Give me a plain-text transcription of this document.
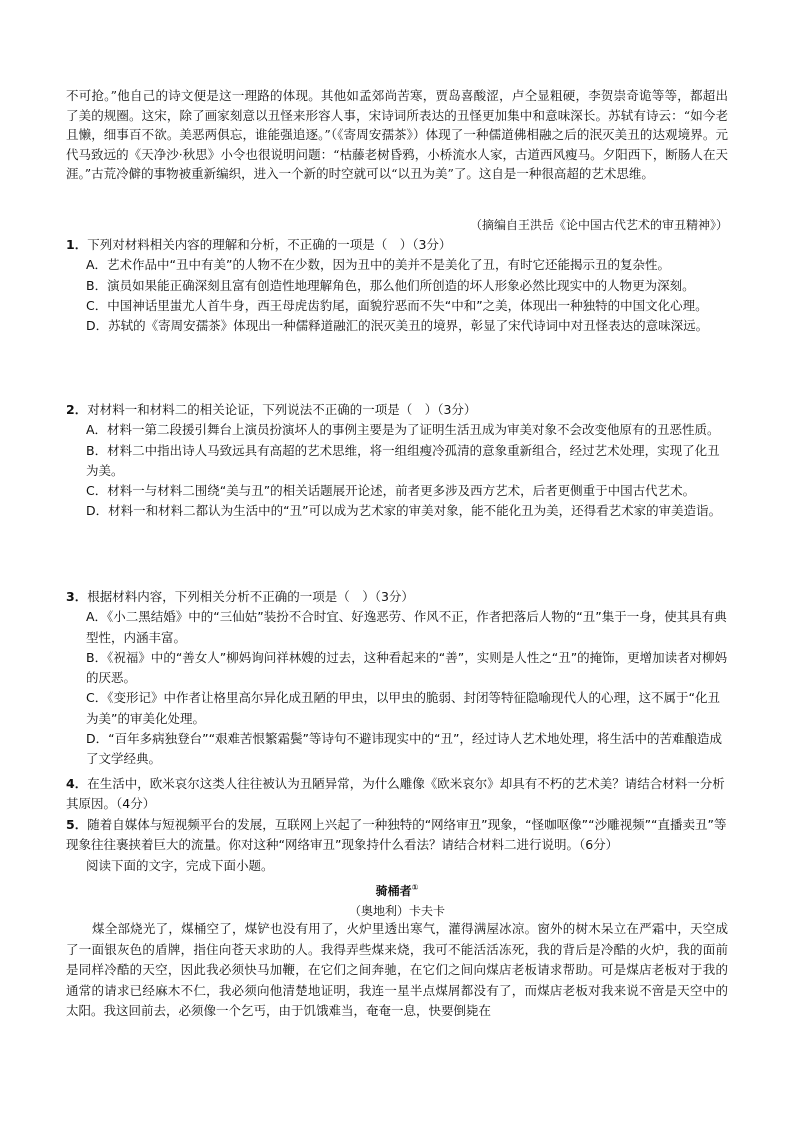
不可抢。”他自己的诗文便是这一理路的体现。其他如孟郊尚苦寒，贾岛喜酸涩，卢仝显粗硬，李贺崇奇诡等等，都超出了美的规圈。这宋，除了画家刻意以丑怪来形容人事，宋诗词所表达的丑怪更加集中和意味深长。苏轼有诗云：“如今老且懒，细事百不欲。美恶两俱忘，谁能强追逐。”（《寄周安孺茶》）体现了一种儒道佛相融之后的泯灭美丑的达观境界。元代马致远的《天净沙·秋思》小令也很说明问题：“枯藤老树昏鸦，小桥流水人家，古道西风瘦马。夕阳西下，断肠人在天涯。”古荒冷僻的事物被重新编织，进入一个新的时空就可以“以丑为美”了。这自是一种很高超的艺术思维。

（摘编自王洪岳《论中国古代艺术的审丑精神》）

1．下列对材料相关内容的理解和分析，不正确的一项是（　）（3分）

A．艺术作品中“丑中有美”的人物不在少数，因为丑中的美并不是美化了丑，有时它还能揭示丑的复杂性。

B．演员如果能正确深刻且富有创造性地理解角色，那么他们所创造的坏人形象必然比现实中的人物更为深刻。

C．中国神话里蚩尤人首牛身，西王母虎齿豹尾，面貌狞恶而不失“中和”之美，体现出一种独特的中国文化心理。

D．苏轼的《寄周安孺茶》体现出一种儒释道融汇的泯灭美丑的境界，彰显了宋代诗词中对丑怪表达的意味深远。

2．对材料一和材料二的相关论证，下列说法不正确的一项是（　）（3分）

A．材料一第二段援引舞台上演员扮演坏人的事例主要是为了证明生活丑成为审美对象不会改变他原有的丑恶性质。

B．材料二中指出诗人马致远具有高超的艺术思维，将一组组瘦冷孤清的意象重新组合，经过艺术处理，实现了化丑为美。

C．材料一与材料二围绕“美与丑”的相关话题展开论述，前者更多涉及西方艺术，后者更侧重于中国古代艺术。

D．材料一和材料二都认为生活中的“丑”可以成为艺术家的审美对象，能不能化丑为美，还得看艺术家的审美造诣。

3．根据材料内容，下列相关分析不正确的一项是（　）（3分）

A．《小二黑结婚》中的“三仙姑”装扮不合时宜、好逸恶劳、作风不正，作者把落后人物的“丑”集于一身，使其具有典型性，内涵丰富。

B．《祝福》中的“善女人”柳妈询问祥林嫂的过去，这种看起来的“善”，实则是人性之“丑”的掩饰，更增加读者对柳妈的厌恶。

C．《变形记》中作者让格里高尔异化成丑陋的甲虫，以甲虫的脆弱、封闭等特征隐喻现代人的心理，这不属于“化丑为美”的审美化处理。

D．“百年多病独登台”“艰难苦恨繁霜鬓”等诗句不避讳现实中的“丑”，经过诗人艺术地处理，将生活中的苦难酿造成了文学经典。

4．在生活中，欧米哀尔这类人往往被认为丑陋异常，为什么雕像《欧米哀尔》却具有不朽的艺术美？请结合材料一分析其原因。（4分）

5．随着自媒体与短视频平台的发展，互联网上兴起了一种独特的“网络审丑”现象，“怪咖呕像”“沙雕视频”“直播卖丑”等现象往往裹挟着巨大的流量。你对这种“网络审丑”现象持什么看法？请结合材料二进行说明。（6分）

阅读下面的文字，完成下面小题。

骑桶者①

（奥地利）卡夫卡

煤全部烧光了，煤桶空了，煤铲也没有用了，火炉里透出寒气，灌得满屋冰凉。窗外的树木呆立在严霜中，天空成了一面银灰色的盾牌，指住向苍天求助的人。我得弄些煤来烧，我可不能活活冻死，我的背后是冷酷的火炉，我的面前是同样冷酷的天空，因此我必须快马加鞭，在它们之间奔驰，在它们之间向煤店老板请求帮助。可是煤店老板对于我的通常的请求已经麻木不仁，我必须向他清楚地证明，我连一星半点煤屑都没有了，而煤店老板对我来说不啻是天空中的太阳。我这回前去，必须像一个乞丐，由于饥饿难当，奄奄一息，快要倒毙在
